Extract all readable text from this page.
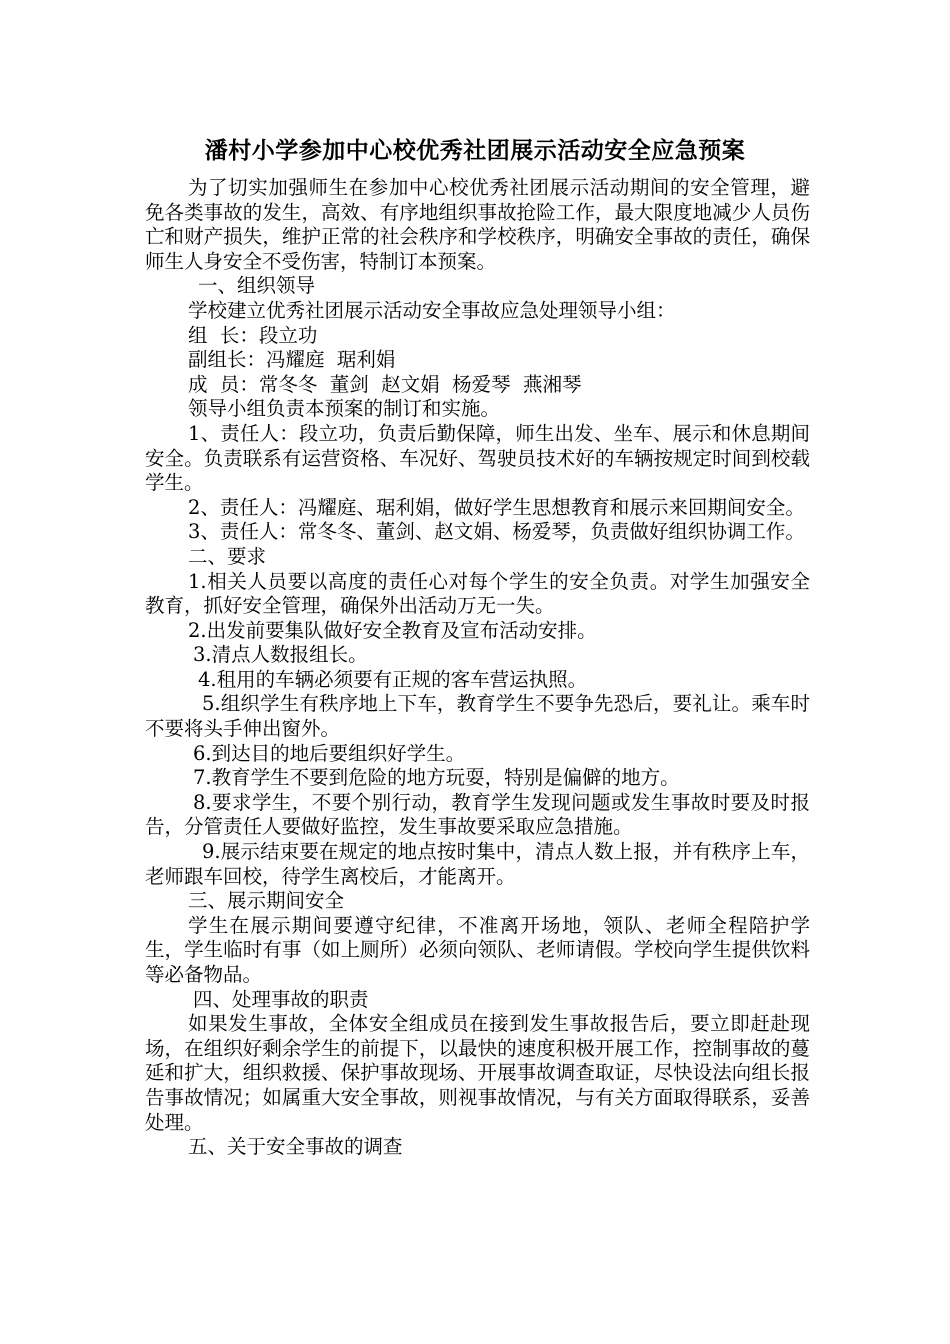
潘村小学参加中心校优秀社团展示活动安全应急预案

为了切实加强师生在参加中心校优秀社团展示活动期间的安全管理，避免各类事故的发生，高效、有序地组织事故抢险工作，最大限度地减少人员伤亡和财产损失，维护正常的社会秩序和学校秩序，明确安全事故的责任，确保师生人身安全不受伤害，特制订本预案。

一、组织领导

学校建立优秀社团展示活动安全事故应急处理领导小组：

组  长：段立功

副组长：冯耀庭  琚利娟

成  员：常冬冬  董剑  赵文娟  杨爱琴  燕湘琴

领导小组负责本预案的制订和实施。

1、责任人：段立功，负责后勤保障，师生出发、坐车、展示和休息期间安全。负责联系有运营资格、车况好、驾驶员技术好的车辆按规定时间到校载学生。

2、责任人：冯耀庭、琚利娟，做好学生思想教育和展示来回期间安全。

3、责任人：常冬冬、董剑、赵文娟、杨爱琴，负责做好组织协调工作。

二、要求

1.相关人员要以高度的责任心对每个学生的安全负责。对学生加强安全教育，抓好安全管理，确保外出活动万无一失。

2.出发前要集队做好安全教育及宣布活动安排。

3.清点人数报组长。

4.租用的车辆必须要有正规的客车营运执照。

5.组织学生有秩序地上下车，教育学生不要争先恐后，要礼让。乘车时不要将头手伸出窗外。

6.到达目的地后要组织好学生。

7.教育学生不要到危险的地方玩耍，特别是偏僻的地方。

8.要求学生，不要个别行动，教育学生发现问题或发生事故时要及时报告，分管责任人要做好监控，发生事故要采取应急措施。

9.展示结束要在规定的地点按时集中，清点人数上报，并有秩序上车，老师跟车回校，待学生离校后，才能离开。

三、展示期间安全

学生在展示期间要遵守纪律，不准离开场地，领队、老师全程陪护学生，学生临时有事（如上厕所）必须向领队、老师请假。学校向学生提供饮料等必备物品。

四、处理事故的职责

如果发生事故，全体安全组成员在接到发生事故报告后，要立即赶赴现场，在组织好剩余学生的前提下，以最快的速度积极开展工作，控制事故的蔓延和扩大，组织救援、保护事故现场、开展事故调查取证，尽快设法向组长报告事故情况；如属重大安全事故，则视事故情况，与有关方面取得联系，妥善处理。

五、关于安全事故的调查
